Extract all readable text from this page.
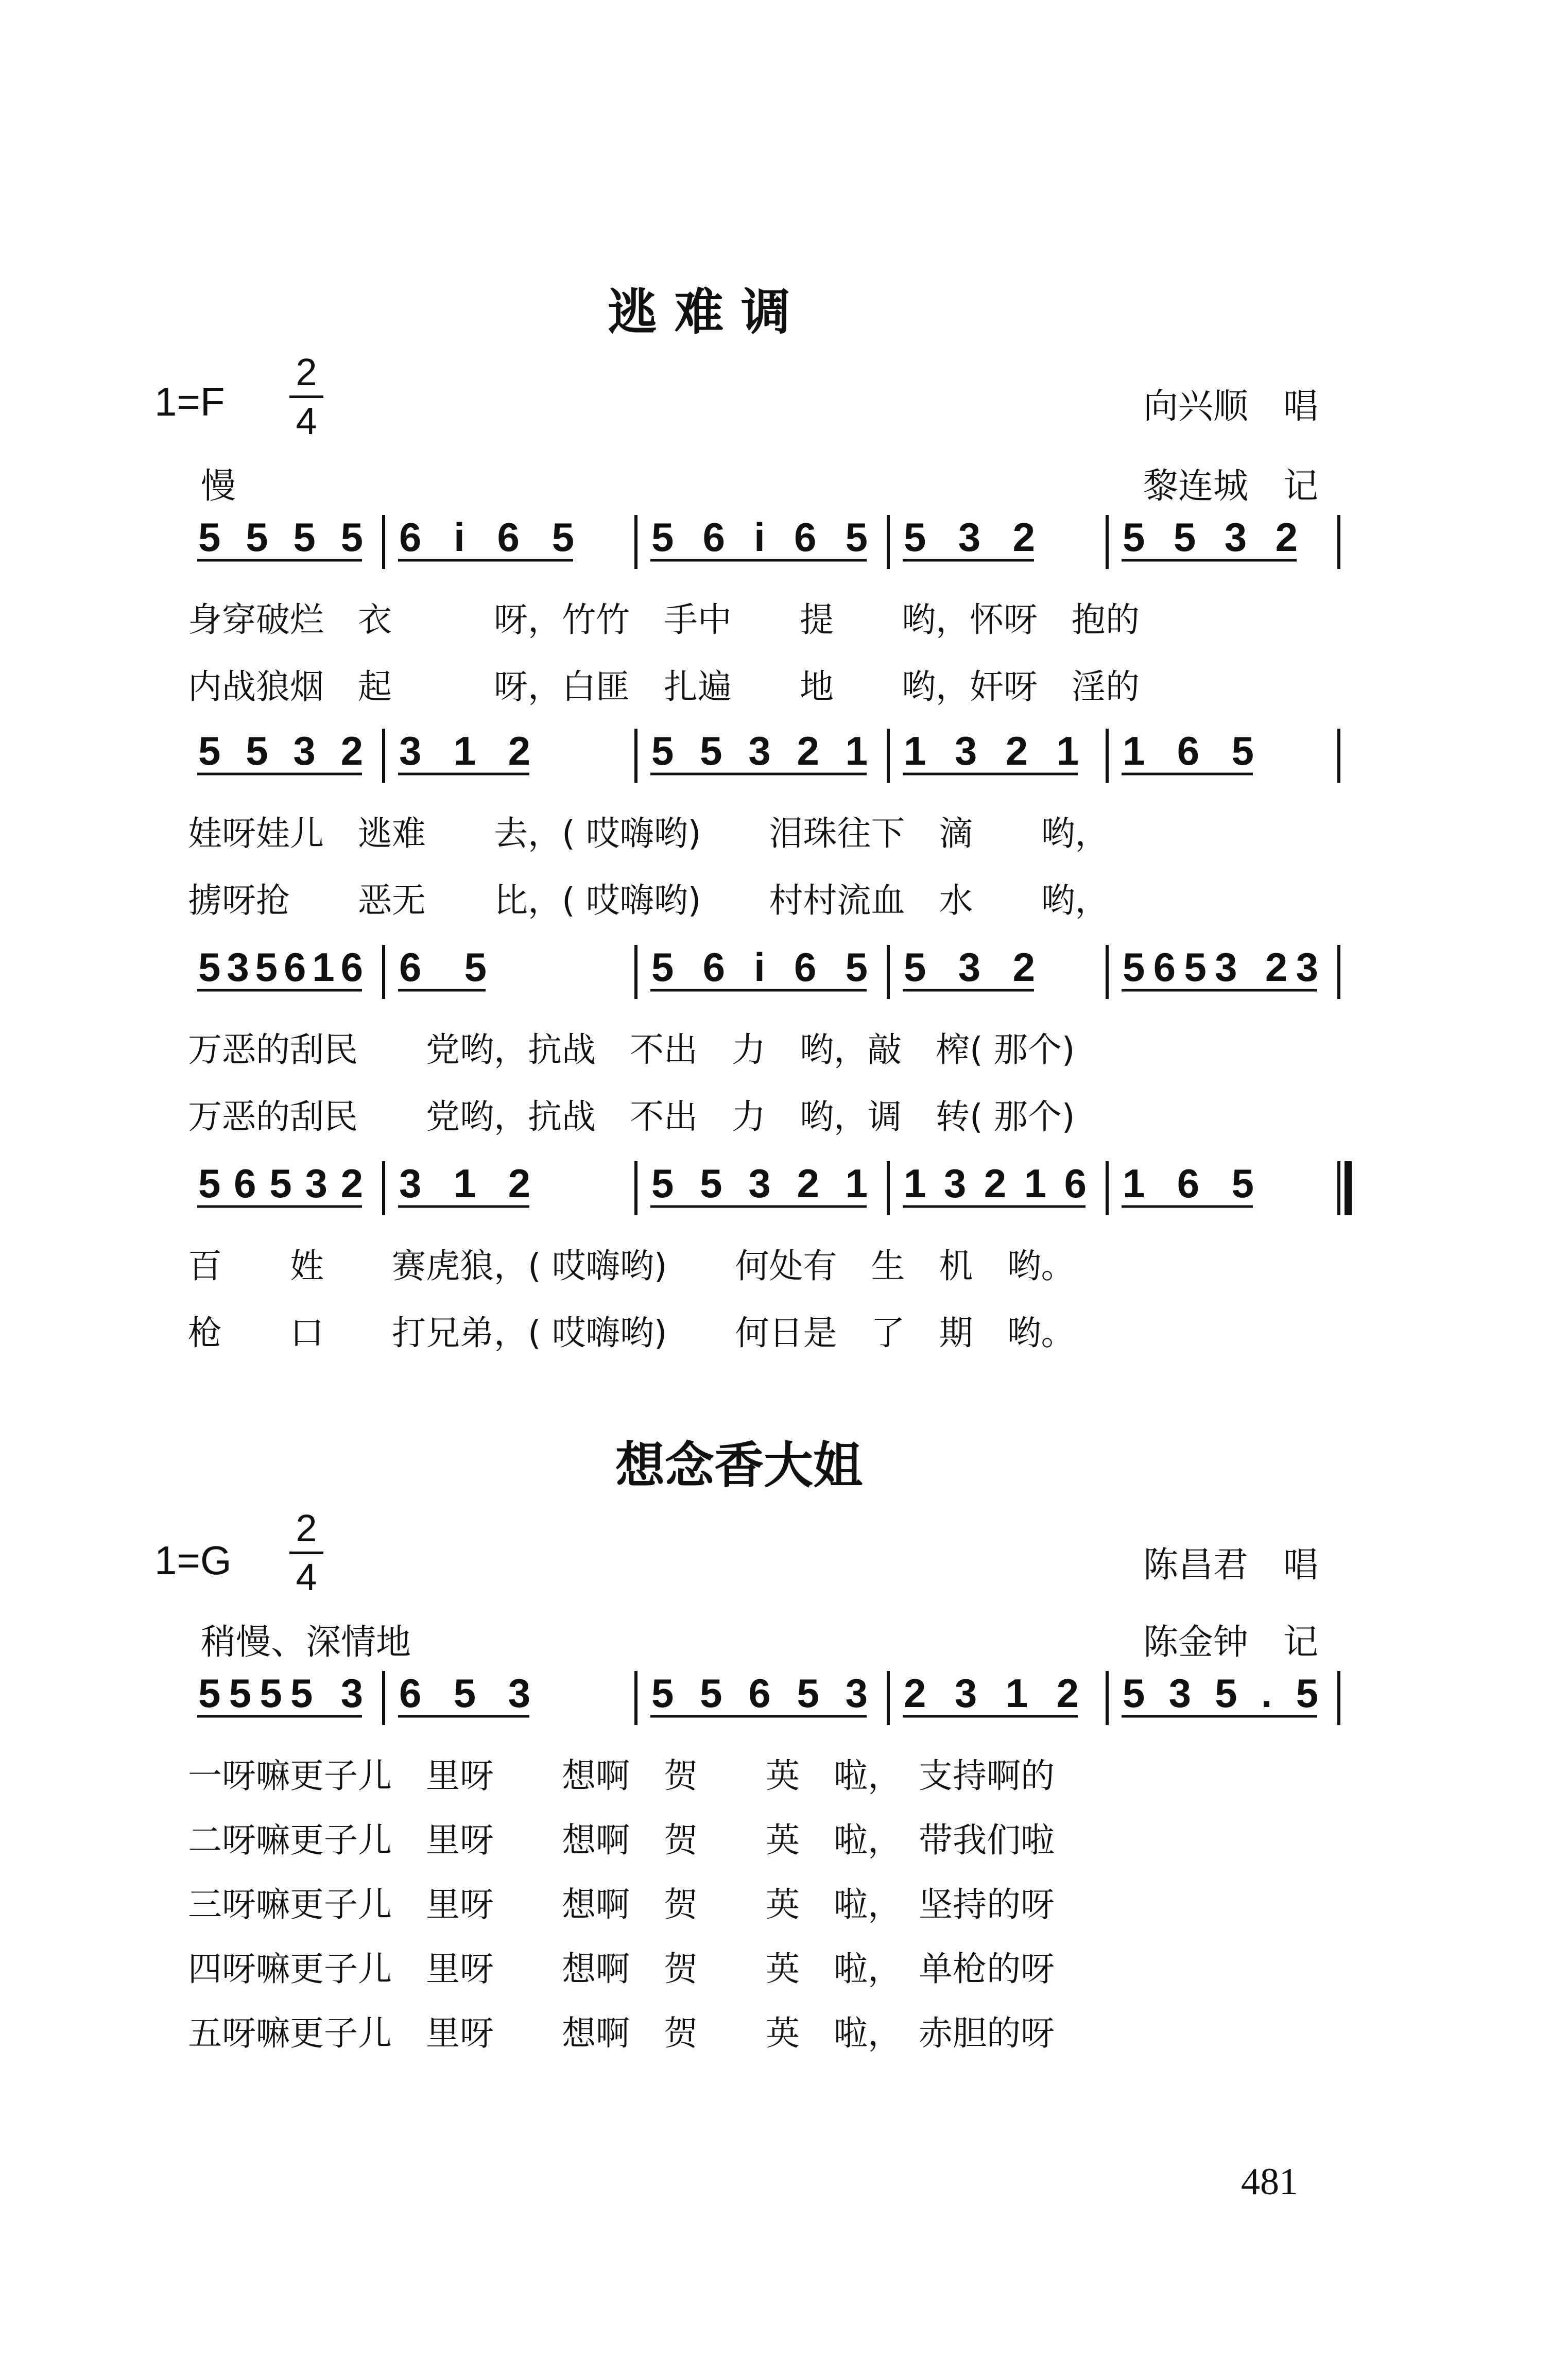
逃 难 调
1=F
2
4	向兴顺　唱
黎连城　记
慢
身穿破烂　衣　　　呀，竹竹　手中　　提　　哟，怀呀　抱的
内战狼烟　起　　　呀，白匪　扎遍　　地　　哟，奸呀　淫的
娃呀娃儿　逃难　　去，( 哎嗨哟)　　泪珠往下　滴　　哟，
掳呀抢　　恶无　　比，( 哎嗨哟)　　村村流血　水　　哟，
万恶的刮民　　党哟，抗战　不出　力　哟，敲　榨( 那个)
万恶的刮民　　党哟，抗战　不出　力　哟，调　转( 那个)
百　　姓　　赛虎狼，( 哎嗨哟)　　何处有　生　机　哟。
枪　　口　　打兄弟，( 哎嗨哟)　　何日是　了　期　哟。
想念香大姐
1=G
2
4	陈昌君　唱
陈金钟　记
稍慢、深情地
一呀嘛更子儿　里呀　　想啊　贺　　英　啦，　支持啊的
二呀嘛更子儿　里呀　　想啊　贺　　英　啦，　带我们啦
三呀嘛更子儿　里呀　　想啊　贺　　英　啦，　坚持的呀
四呀嘛更子儿　里呀　　想啊　贺　　英　啦，　单枪的呀
五呀嘛更子儿　里呀　　想啊　贺　　英　啦，　赤胆的呀
481
5555 6i65 56i65 532 5532
5532 312	55321 1321 165
535616 65	56i65 532 5653 23
56532 312	55321 13216 165
5555 3 653	55653 2312 535.5
